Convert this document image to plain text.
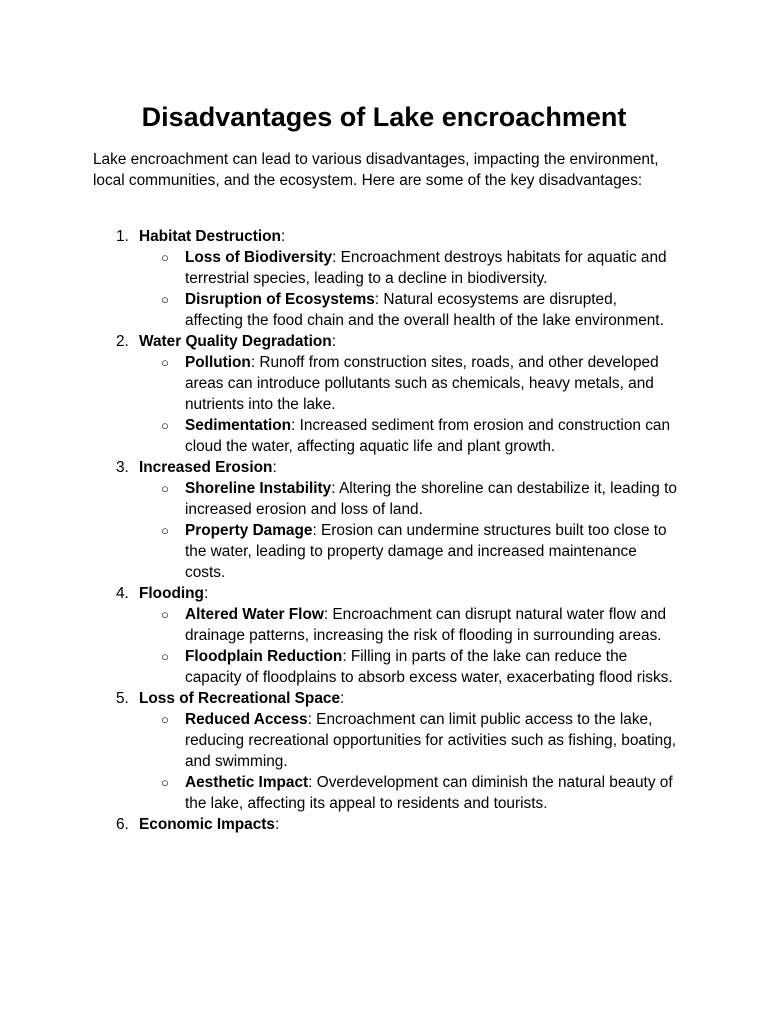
Disadvantages of Lake encroachment

Lake encroachment can lead to various disadvantages, impacting the environment, local communities, and the ecosystem. Here are some of the key disadvantages:

1. Habitat Destruction:
○ Loss of Biodiversity: Encroachment destroys habitats for aquatic and terrestrial species, leading to a decline in biodiversity.
○ Disruption of Ecosystems: Natural ecosystems are disrupted, affecting the food chain and the overall health of the lake environment.
2. Water Quality Degradation:
○ Pollution: Runoff from construction sites, roads, and other developed areas can introduce pollutants such as chemicals, heavy metals, and nutrients into the lake.
○ Sedimentation: Increased sediment from erosion and construction can cloud the water, affecting aquatic life and plant growth.
3. Increased Erosion:
○ Shoreline Instability: Altering the shoreline can destabilize it, leading to increased erosion and loss of land.
○ Property Damage: Erosion can undermine structures built too close to the water, leading to property damage and increased maintenance costs.
4. Flooding:
○ Altered Water Flow: Encroachment can disrupt natural water flow and drainage patterns, increasing the risk of flooding in surrounding areas.
○ Floodplain Reduction: Filling in parts of the lake can reduce the capacity of floodplains to absorb excess water, exacerbating flood risks.
5. Loss of Recreational Space:
○ Reduced Access: Encroachment can limit public access to the lake, reducing recreational opportunities for activities such as fishing, boating, and swimming.
○ Aesthetic Impact: Overdevelopment can diminish the natural beauty of the lake, affecting its appeal to residents and tourists.
6. Economic Impacts:
